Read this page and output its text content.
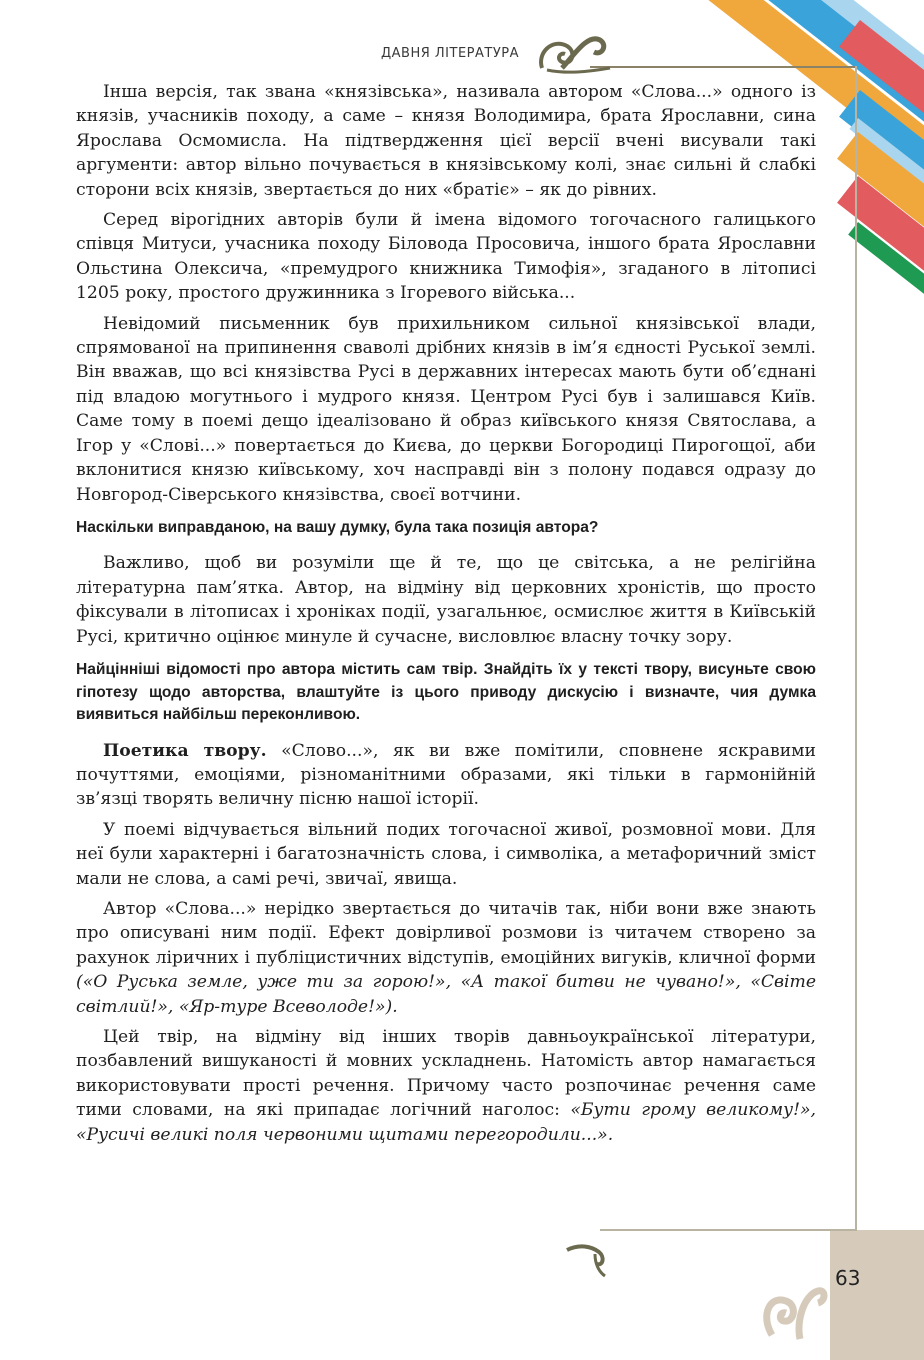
ДАВНЯ ЛІТЕРАТУРА
63

Інша версія, так звана «князівська», називала автором «Слова...» одного із князів, учасників походу, а саме – князя Володимира, брата Ярославни, сина Ярослава Осмомисла. На підтвердження цієї версії вчені висували такі аргументи: автор вільно почувається в князівському колі, знає сильні й слабкі сторони всіх князів, звертається до них «братіє» – як до рівних.

Серед вірогідних авторів були й імена відомого тогочасного галицького співця Митуси, учасника походу Біловода Просовича, іншого брата Ярославни Ольстина Олексича, «премудрого книжника Тимофія», згаданого в літописі 1205 року, простого дружинника з Ігоревого війська...

Невідомий письменник був прихильником сильної князівської влади, спрямованої на припинення сваволі дрібних князів в ім’я єдності Руської землі. Він вважав, що всі князівства Русі в державних інтересах мають бути об’єднані під владою могутнього і мудрого князя. Центром Русі був і залишався Київ. Саме тому в поемі дещо ідеалізовано й образ київського князя Святослава, а Ігор у «Слові...» повертається до Києва, до церкви Богородиці Пирогощої, аби вклонитися князю київському, хоч насправді він з полону подався одразу до Новгород-Сіверського князівства, своєї вотчини.

Наскільки виправданою, на вашу думку, була така позиція автора?

Важливо, щоб ви розуміли ще й те, що це світська, а не релігійна літературна пам’ятка. Автор, на відміну від церковних хроністів, що просто фіксували в літописах і хроніках події, узагальнює, осмислює життя в Київській Русі, критично оцінює минуле й сучасне, висловлює власну точку зору.

Найцінніші відомості про автора містить сам твір. Знайдіть їх у тексті твору, висуньте свою гіпотезу щодо авторства, влаштуйте із цього приводу дискусію і визначте, чия думка виявиться найбільш переконливою.

Поетика твору. «Слово...», як ви вже помітили, сповнене яскравими почуттями, емоціями, різноманітними образами, які тільки в гармонійній зв’язці творять величну пісню нашої історії.

У поемі відчувається вільний подих тогочасної живої, розмовної мови. Для неї були характерні і багатозначність слова, і символіка, а метафоричний зміст мали не слова, а самі речі, звичаї, явища.

Автор «Слова...» нерідко звертається до читачів так, ніби вони вже знають про описувані ним події. Ефект довірливої розмови із читачем створено за рахунок ліричних і публіцистичних відступів, емоційних вигуків, кличної форми («О Руська земле, уже ти за горою!», «А такої битви не чувано!», «Світе світлий!», «Яр-туре Всеволоде!»).

Цей твір, на відміну від інших творів давньоукраїнської літератури, позбавлений вишуканості й мовних ускладнень. Натомість автор намагається використовувати прості речення. Причому часто розпочинає речення саме тими словами, на які припадає логічний наголос: «Бути грому великому!», «Русичі великі поля червоними щитами перегородили...».
